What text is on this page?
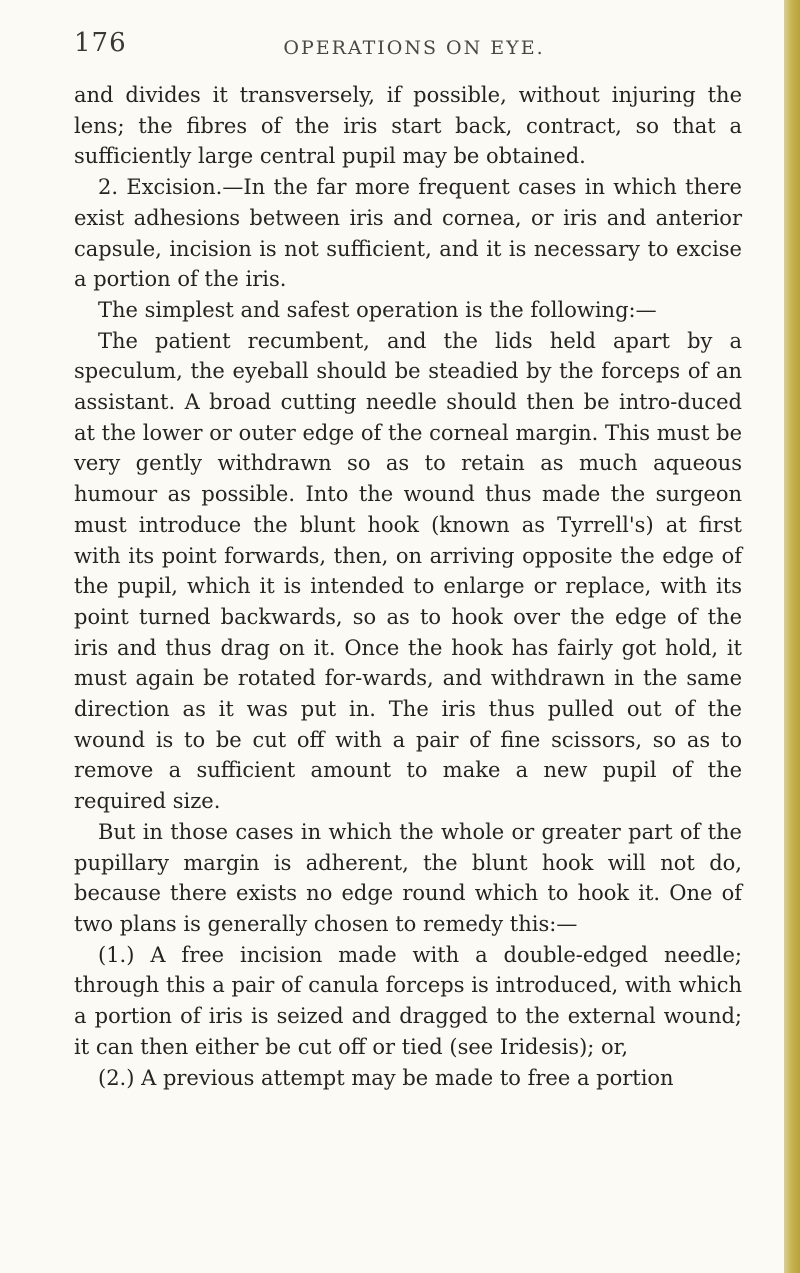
176	OPERATIONS ON EYE.

and divides it transversely, if possible, without injuring the lens; the fibres of the iris start back, contract, so that a sufficiently large central pupil may be obtained.

2. Excision.—In the far more frequent cases in which there exist adhesions between iris and cornea, or iris and anterior capsule, incision is not sufficient, and it is necessary to excise a portion of the iris.

The simplest and safest operation is the following:—

The patient recumbent, and the lids held apart by a speculum, the eyeball should be steadied by the forceps of an assistant. A broad cutting needle should then be intro-duced at the lower or outer edge of the corneal margin. This must be very gently withdrawn so as to retain as much aqueous humour as possible. Into the wound thus made the surgeon must introduce the blunt hook (known as Tyrrell's) at first with its point forwards, then, on arriving opposite the edge of the pupil, which it is intended to enlarge or replace, with its point turned backwards, so as to hook over the edge of the iris and thus drag on it. Once the hook has fairly got hold, it must again be rotated for-wards, and withdrawn in the same direction as it was put in. The iris thus pulled out of the wound is to be cut off with a pair of fine scissors, so as to remove a sufficient amount to make a new pupil of the required size.

But in those cases in which the whole or greater part of the pupillary margin is adherent, the blunt hook will not do, because there exists no edge round which to hook it. One of two plans is generally chosen to remedy this:—

(1.) A free incision made with a double-edged needle; through this a pair of canula forceps is introduced, with which a portion of iris is seized and dragged to the external wound; it can then either be cut off or tied (see Iridesis); or,

(2.) A previous attempt may be made to free a portion
